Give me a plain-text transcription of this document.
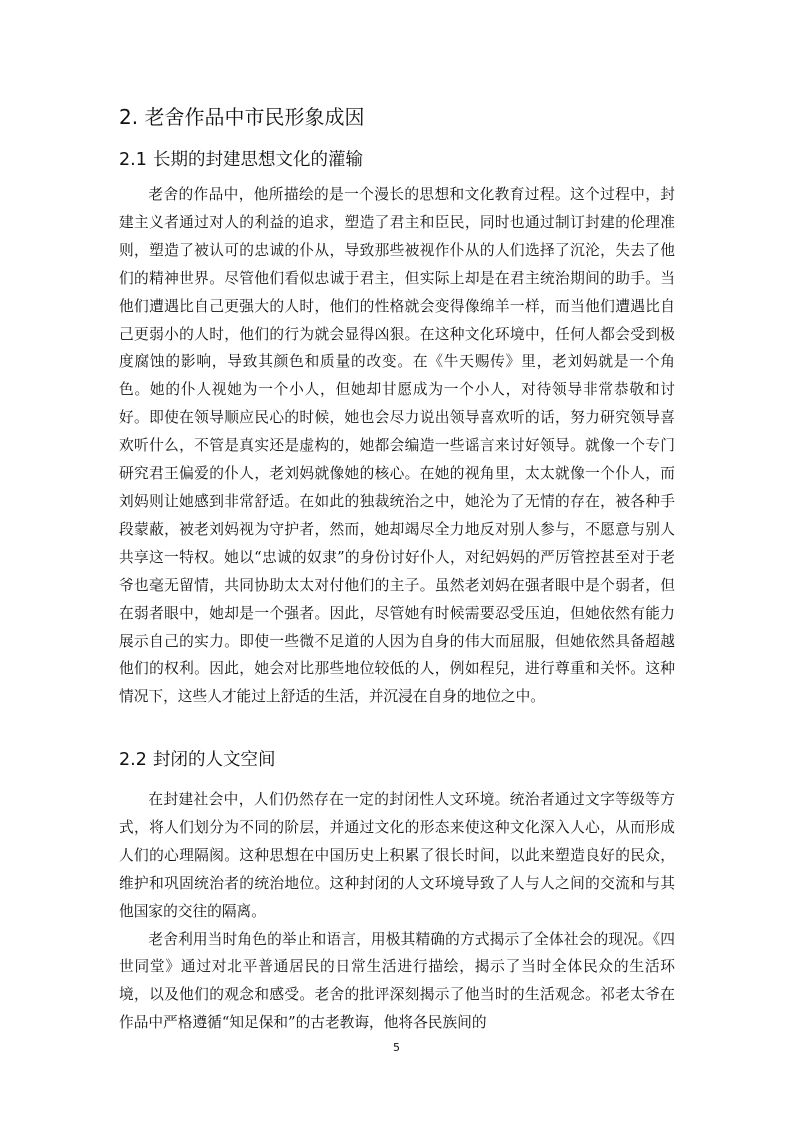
2. 老舍作品中市民形象成因
2.1 长期的封建思想文化的灌输

老舍的作品中，他所描绘的是一个漫长的思想和文化教育过程。这个过程中，封建主义者通过对人的利益的追求，塑造了君主和臣民，同时也通过制订封建的伦理准则，塑造了被认可的忠诚的仆从，导致那些被视作仆从的人们选择了沉沦，失去了他们的精神世界。尽管他们看似忠诚于君主，但实际上却是在君主统治期间的助手。当他们遭遇比自己更强大的人时，他们的性格就会变得像绵羊一样，而当他们遭遇比自己更弱小的人时，他们的行为就会显得凶狠。在这种文化环境中，任何人都会受到极度腐蚀的影响，导致其颜色和质量的改变。在《牛天赐传》里，老刘妈就是一个角色。她的仆人视她为一个小人，但她却甘愿成为一个小人，对待领导非常恭敬和讨好。即使在领导顺应民心的时候，她也会尽力说出领导喜欢听的话，努力研究领导喜欢听什么，不管是真实还是虚构的，她都会编造一些谣言来讨好领导。就像一个专门研究君王偏爱的仆人，老刘妈就像她的核心。在她的视角里，太太就像一个仆人，而刘妈则让她感到非常舒适。在如此的独裁统治之中，她沦为了无情的存在，被各种手段蒙蔽，被老刘妈视为守护者，然而，她却竭尽全力地反对别人参与，不愿意与别人共享这一特权。她以“忠诚的奴隶”的身份讨好仆人，对纪妈妈的严厉管控甚至对于老爷也毫无留情，共同协助太太对付他们的主子。虽然老刘妈在强者眼中是个弱者，但在弱者眼中，她却是一个强者。因此，尽管她有时候需要忍受压迫，但她依然有能力展示自己的实力。即使一些微不足道的人因为自身的伟大而屈服，但她依然具备超越他们的权利。因此，她会对比那些地位较低的人，例如程兒，进行尊重和关怀。这种情况下，这些人才能过上舒适的生活，并沉浸在自身的地位之中。

2.2 封闭的人文空间

在封建社会中，人们仍然存在一定的封闭性人文环境。统治者通过文字等级等方式，将人们划分为不同的阶层，并通过文化的形态来使这种文化深入人心，从而形成人们的心理隔阂。这种思想在中国历史上积累了很长时间，以此来塑造良好的民众，维护和巩固统治者的统治地位。这种封闭的人文环境导致了人与人之间的交流和与其他国家的交往的隔离。

老舍利用当时角色的举止和语言，用极其精确的方式揭示了全体社会的现况。《四世同堂》通过对北平普通居民的日常生活进行描绘，揭示了当时全体民众的生活环境，以及他们的观念和感受。老舍的批评深刻揭示了他当时的生活观念。祁老太爷在作品中严格遵循“知足保和”的古老教诲，他将各民族间的

5
